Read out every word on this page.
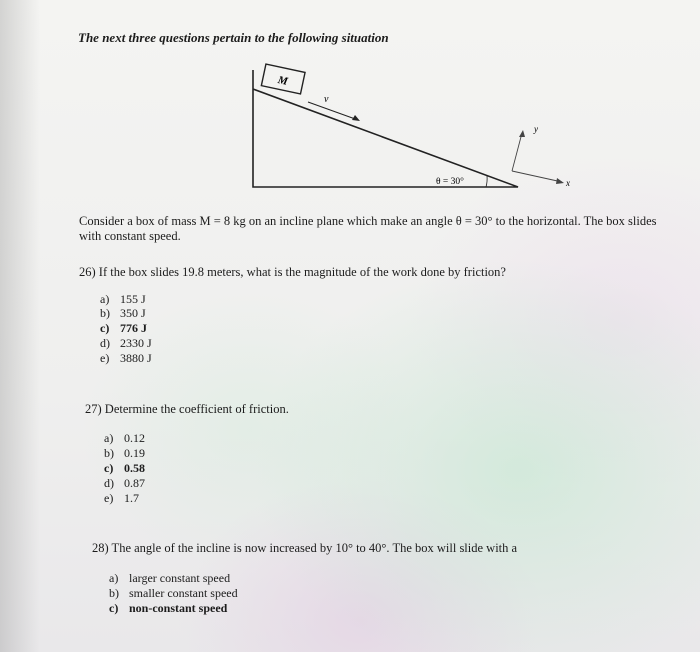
The next three questions pertain to the following situation
M
v
θ = 30°	x
y
Consider a box of mass M = 8 kg on an incline plane which make an angle θ = 30° to the horizontal. The box slides with constant speed.
26) If the box slides 19.8 meters, what is the magnitude of the work done by friction?
a) 155 J
b) 350 J
c) 776 J
d) 2330 J
e) 3880 J
27) Determine the coefficient of friction.
a) 0.12
b) 0.19
c) 0.58
d) 0.87
e) 1.7
28) The angle of the incline is now increased by 10° to 40°. The box will slide with a
a) larger constant speed
b) smaller constant speed
c) non-constant speed
